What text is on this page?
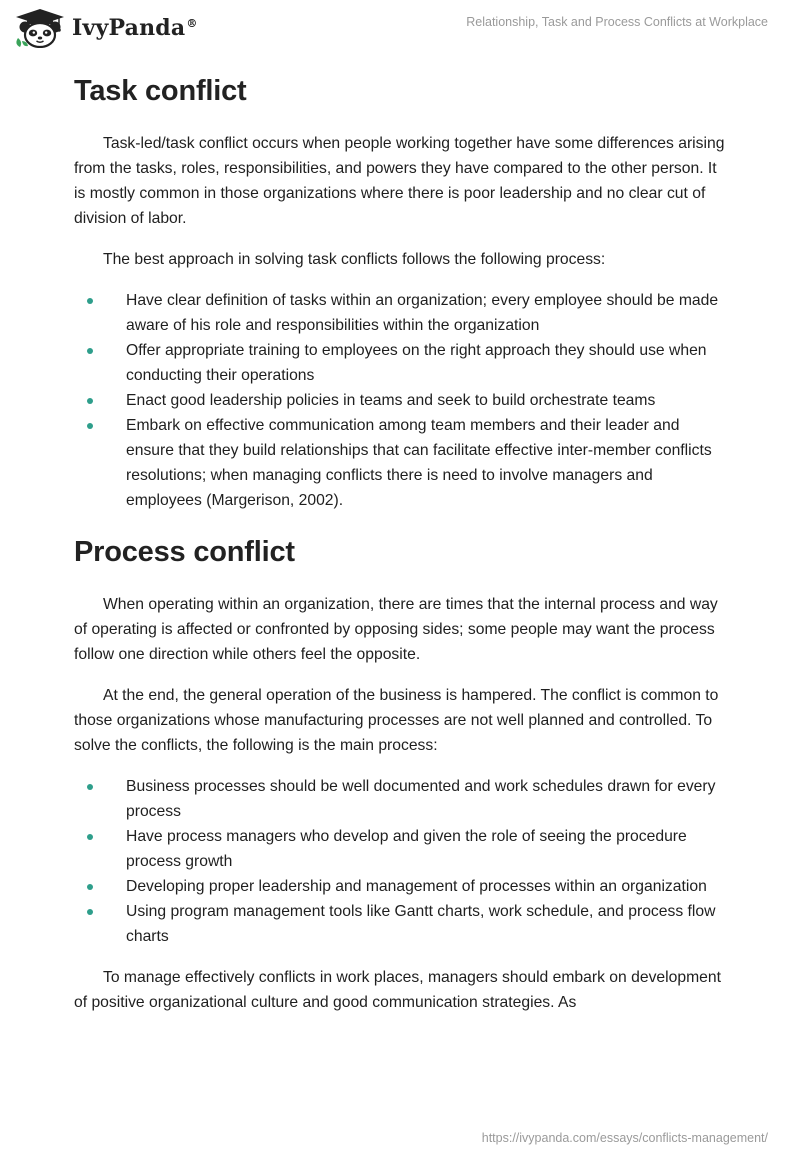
IvyPanda®	Relationship, Task and Process Conflicts at Workplace
Task conflict

Task-led/task conflict occurs when people working together have some differences arising from the tasks, roles, responsibilities, and powers they have compared to the other person. It is mostly common in those organizations where there is poor leadership and no clear cut of division of labor.

The best approach in solving task conflicts follows the following process:

Have clear definition of tasks within an organization; every employee should be made aware of his role and responsibilities within the organization
Offer appropriate training to employees on the right approach they should use when conducting their operations
Enact good leadership policies in teams and seek to build orchestrate teams
Embark on effective communication among team members and their leader and ensure that they build relationships that can facilitate effective inter-member conflicts resolutions; when managing conflicts there is need to involve managers and employees (Margerison, 2002).
Process conflict

When operating within an organization, there are times that the internal process and way of operating is affected or confronted by opposing sides; some people may want the process follow one direction while others feel the opposite.

At the end, the general operation of the business is hampered. The conflict is common to those organizations whose manufacturing processes are not well planned and controlled. To solve the conflicts, the following is the main process:

Business processes should be well documented and work schedules drawn for every process
Have process managers who develop and given the role of seeing the procedure process growth
Developing proper leadership and management of processes within an organization
Using program management tools like Gantt charts, work schedule, and process flow charts

To manage effectively conflicts in work places, managers should embark on development of positive organizational culture and good communication strategies. As

https://ivypanda.com/essays/conflicts-management/
